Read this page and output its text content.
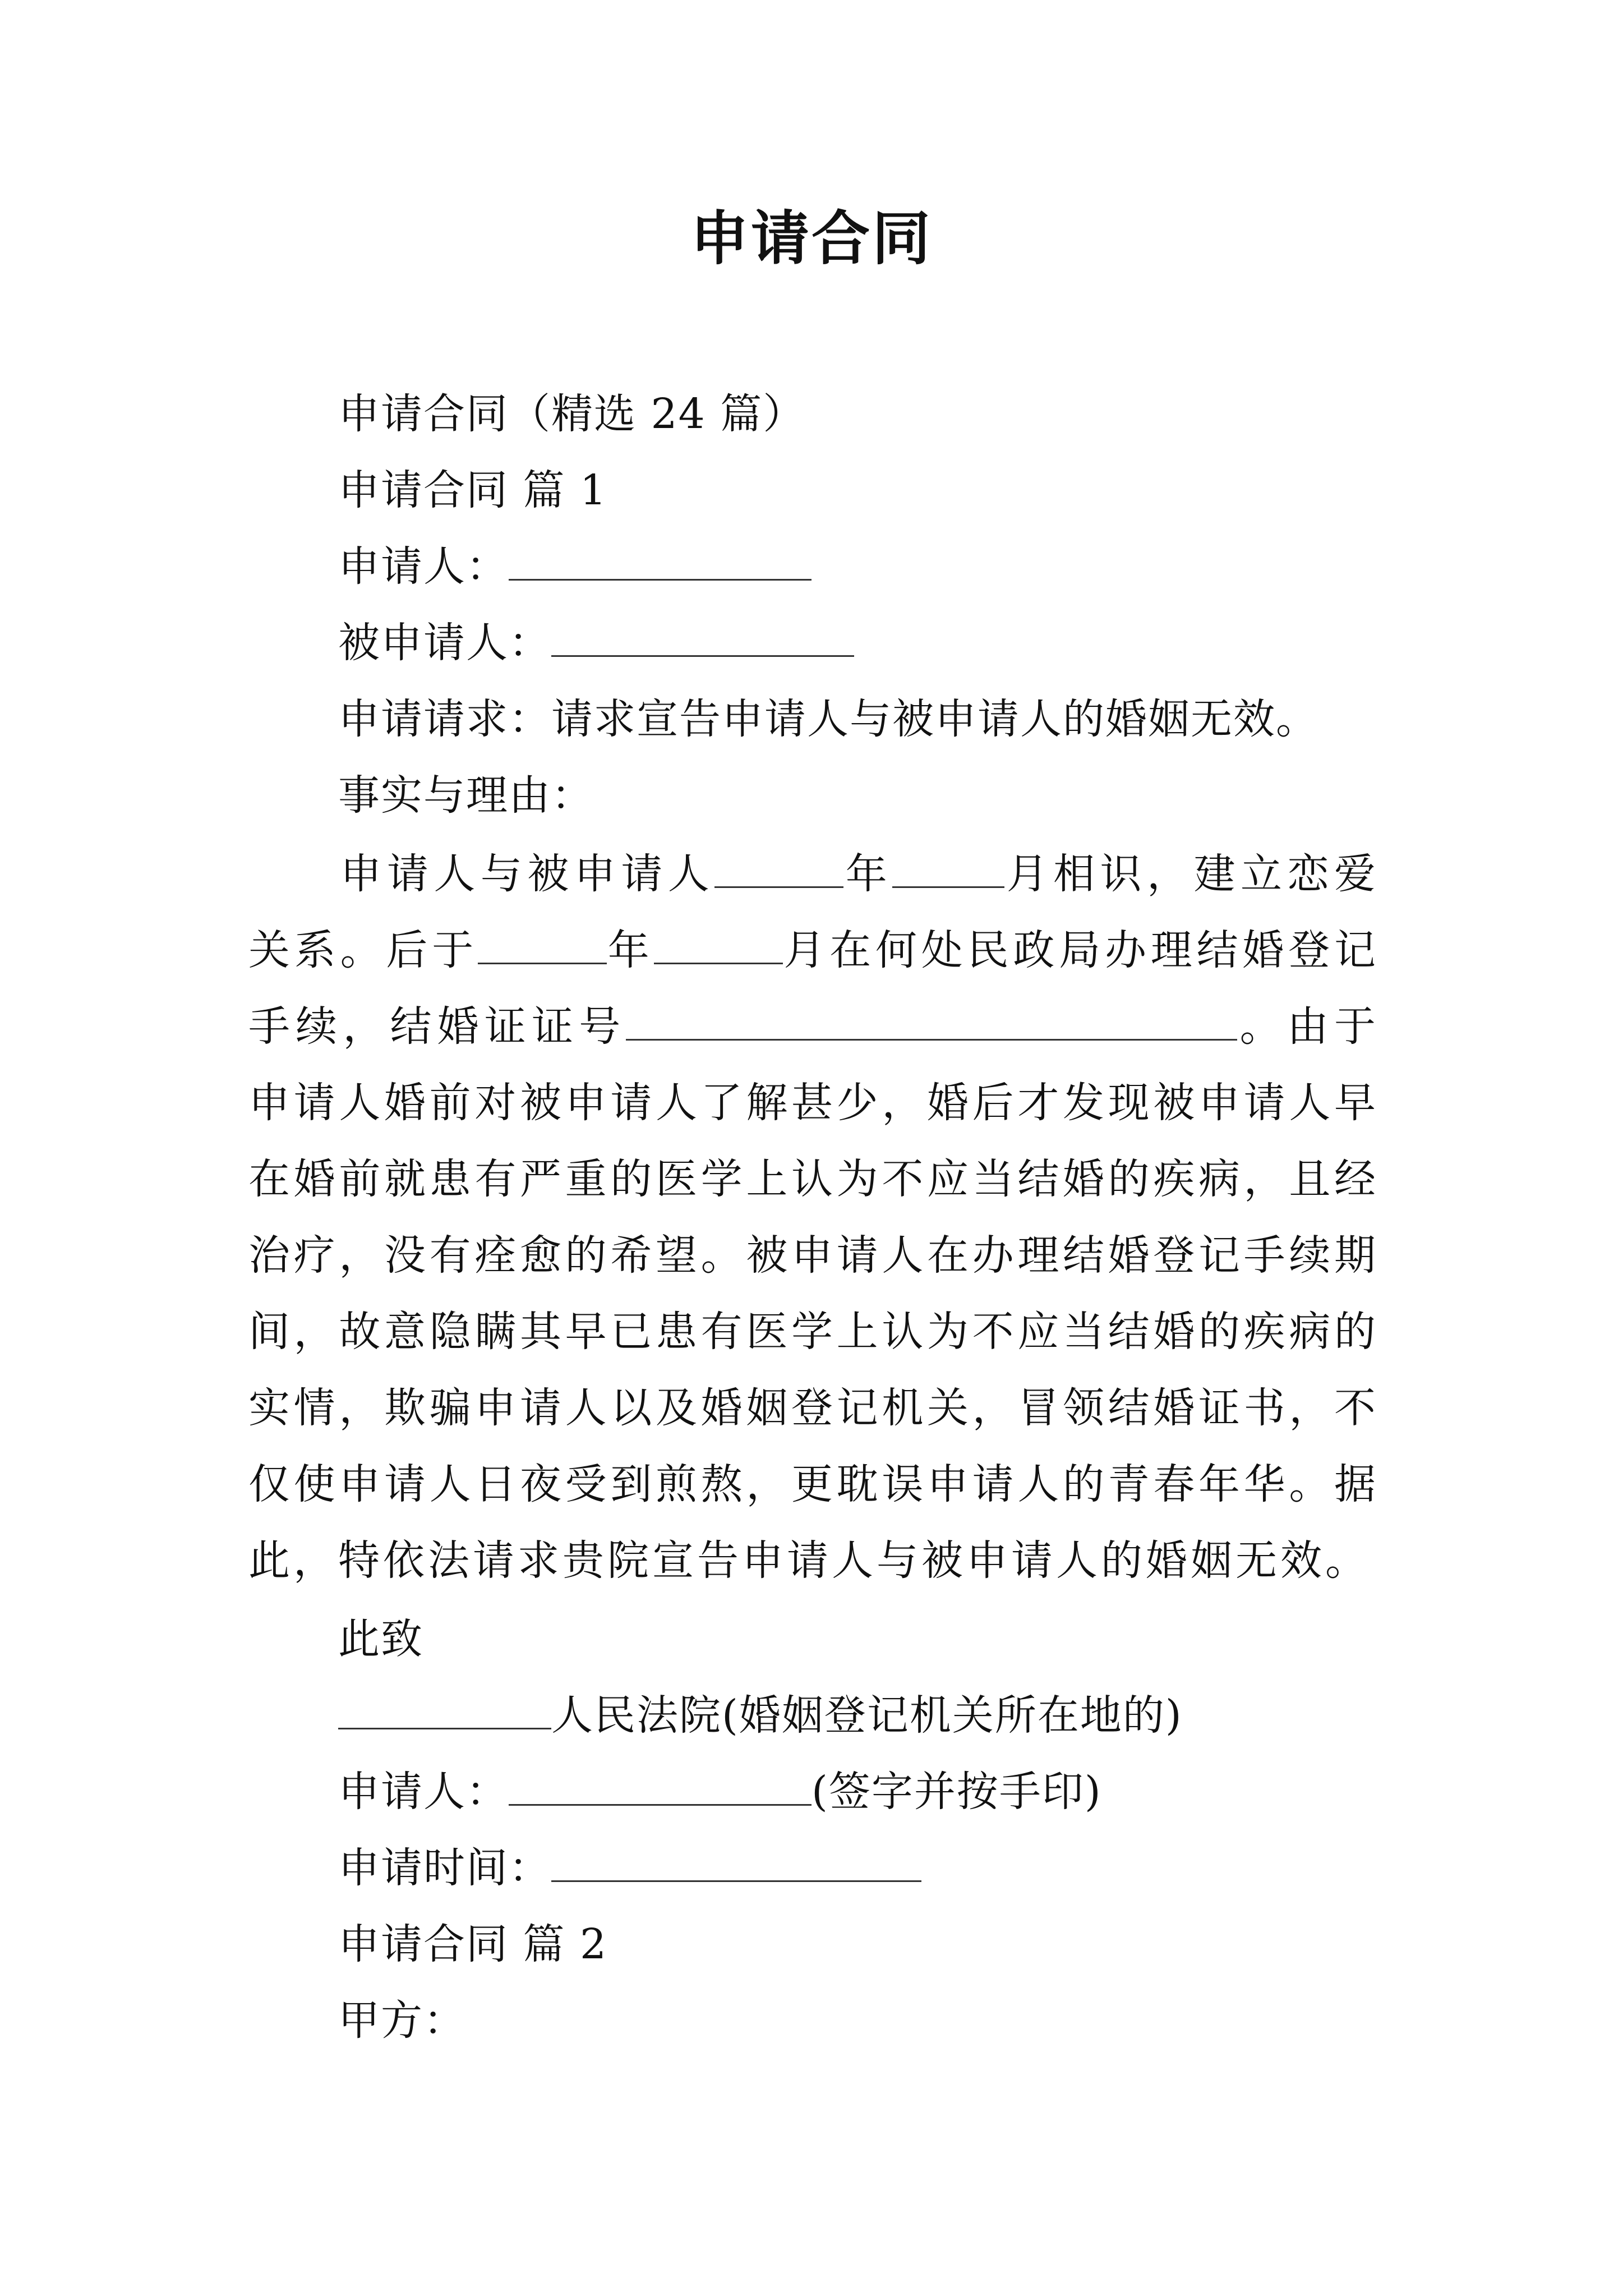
申请合同
申请合同（精选 24 篇）
申请合同 篇 1
申请人：
被申请人：
申请请求：请求宣告申请人与被申请人的婚姻无效。
事实与理由：
申请人与被申请人	年	月相识，建立恋爱关系。后于	年	月在何处民政局办理结婚登记手续，结婚证证号	。由于申请人婚前对被申请人了解甚少，婚后才发现被申请人早在婚前就患有严重的医学上认为不应当结婚的疾病，且经治疗，没有痊愈的希望。被申请人在办理结婚登记手续期间，故意隐瞒其早已患有医学上认为不应当结婚的疾病的实情，欺骗申请人以及婚姻登记机关，冒领结婚证书，不仅使申请人日夜受到煎熬，更耽误申请人的青春年华。据此，特依法请求贵院宣告申请人与被申请人的婚姻无效。
此致
人民法院(婚姻登记机关所在地的)
申请人：	(签字并按手印)
申请时间：
申请合同 篇 2
甲方：
